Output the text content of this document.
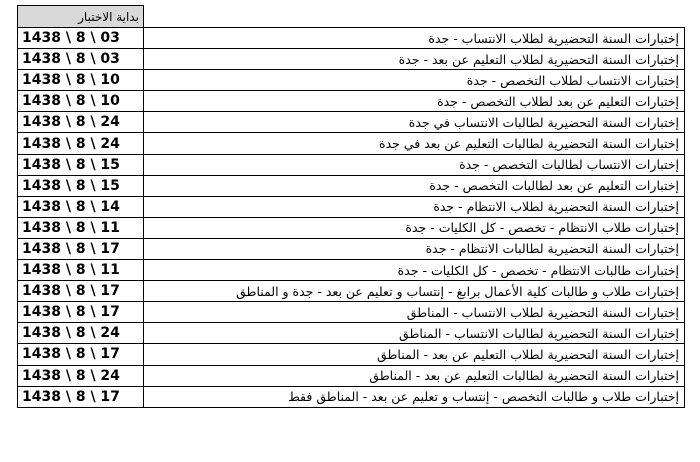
بداية الاختبار	
1438 \ 8 \ 03	إختبارات السنة التحضيرية لطلاب الانتساب - جدة
1438 \ 8 \ 03	إختبارات السنة التحضيرية لطلاب التعليم عن بعد - جدة
1438 \ 8 \ 10	إختبارات الانتساب لطلاب التخصص - جدة
1438 \ 8 \ 10	إختبارات التعليم عن بعد لطلاب التخصص - جدة
1438 \ 8 \ 24	إختبارات السنة التحضيرية لطالبات الانتساب في جدة
1438 \ 8 \ 24	إختبارات السنة التحضيرية لطالبات التعليم عن بعد في جدة
1438 \ 8 \ 15	إختبارات الانتساب لطالبات التخصص - جدة
1438 \ 8 \ 15	إختبارات التعليم عن بعد لطالبات التخصص - جدة
1438 \ 8 \ 14	إختبارات السنة التحضيرية لطلاب الانتظام - جدة
1438 \ 8 \ 11	إختبارات طلاب الانتظام - تخصص - كل الكليات - جدة
1438 \ 8 \ 17	إختبارات السنة التحضيرية لطالبات الانتظام - جدة
1438 \ 8 \ 11	إختبارات طالبات الانتظام - تخصص - كل الكليات - جدة
1438 \ 8 \ 17	إختبارات طلاب و طالبات كلية الأعمال برابغ - إنتساب و تعليم عن بعد - جدة و المناطق
1438 \ 8 \ 17	إختبارات السنة التحضيرية لطلاب الانتساب - المناطق
1438 \ 8 \ 24	إختبارات السنة التحضيرية لطالبات الانتساب - المناطق
1438 \ 8 \ 17	إختبارات السنة التحضيرية لطلاب التعليم عن بعد - المناطق
1438 \ 8 \ 24	إختبارات السنة التحضيرية لطالبات التعليم عن بعد - المناطق
1438 \ 8 \ 17	إختبارات طلاب و طالبات التخصص - إنتساب و تعليم عن بعد - المناطق فقط
